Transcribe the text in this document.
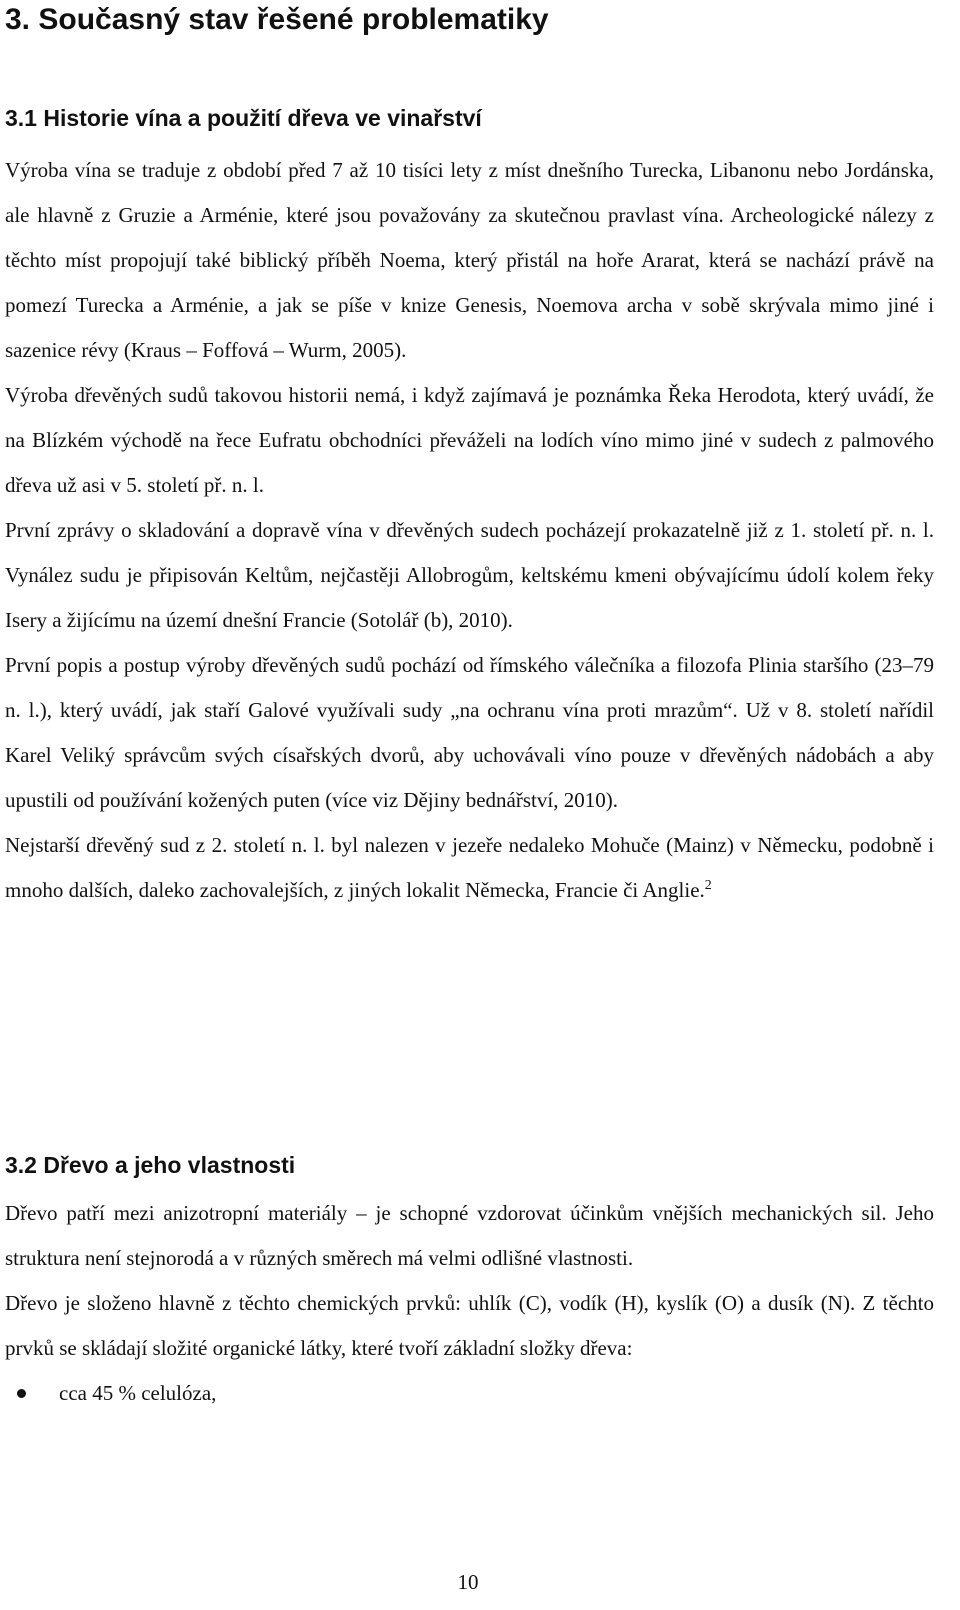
3. Současný stav řešené problematiky
3.1 Historie vína a použití dřeva ve vinařství

Výroba vína se traduje z období před 7 až 10 tisíci lety z míst dnešního Turecka, Libanonu nebo Jordánska, ale hlavně z Gruzie a Arménie, které jsou považovány za skutečnou pravlast vína. Archeologické nálezy z těchto míst propojují také biblický příběh Noema, který přistál na hoře Ararat, která se nachází právě na pomezí Turecka a Arménie, a jak se píše v knize Genesis, Noemova archa v sobě skrývala mimo jiné i sazenice révy (Kraus – Foffová – Wurm, 2005).

Výroba dřevěných sudů takovou historii nemá, i když zajímavá je poznámka Řeka Herodota, který uvádí, že na Blízkém východě na řece Eufratu obchodníci převáželi na lodích víno mimo jiné v sudech z palmového dřeva už asi v 5. století př. n. l.

První zprávy o skladování a dopravě vína v dřevěných sudech pocházejí prokazatelně již z 1. století př. n. l. Vynález sudu je připisován Keltům, nejčastěji Allobrogům, keltskému kmeni obývajícímu údolí kolem řeky Isery a žijícímu na území dnešní Francie (Sotolář (b), 2010).

První popis a postup výroby dřevěných sudů pochází od římského válečníka a filozofa Plinia staršího (23–79 n. l.), který uvádí, jak staří Galové využívali sudy „na ochranu vína proti mrazům“. Už v 8. století nařídil Karel Veliký správcům svých císařských dvorů, aby uchovávali víno pouze v dřevěných nádobách a aby upustili od používání kožených puten (více viz Dějiny bednářství, 2010).

Nejstarší dřevěný sud z 2. století n. l. byl nalezen v jezeře nedaleko Mohuče (Mainz) v Německu, podobně i mnoho dalších, daleko zachovalejších, z jiných lokalit Německa, Francie či Anglie.$^2$

3.2 Dřevo a jeho vlastnosti

Dřevo patří mezi anizotropní materiály – je schopné vzdorovat účinkům vnějších mechanických sil. Jeho struktura není stejnorodá a v různých směrech má velmi odlišné vlastnosti.

Dřevo je složeno hlavně z těchto chemických prvků: uhlík (C), vodík (H), kyslík (O) a dusík (N). Z těchto prvků se skládají složité organické látky, které tvoří základní složky dřeva:

cca 45 % celulóza,
10
